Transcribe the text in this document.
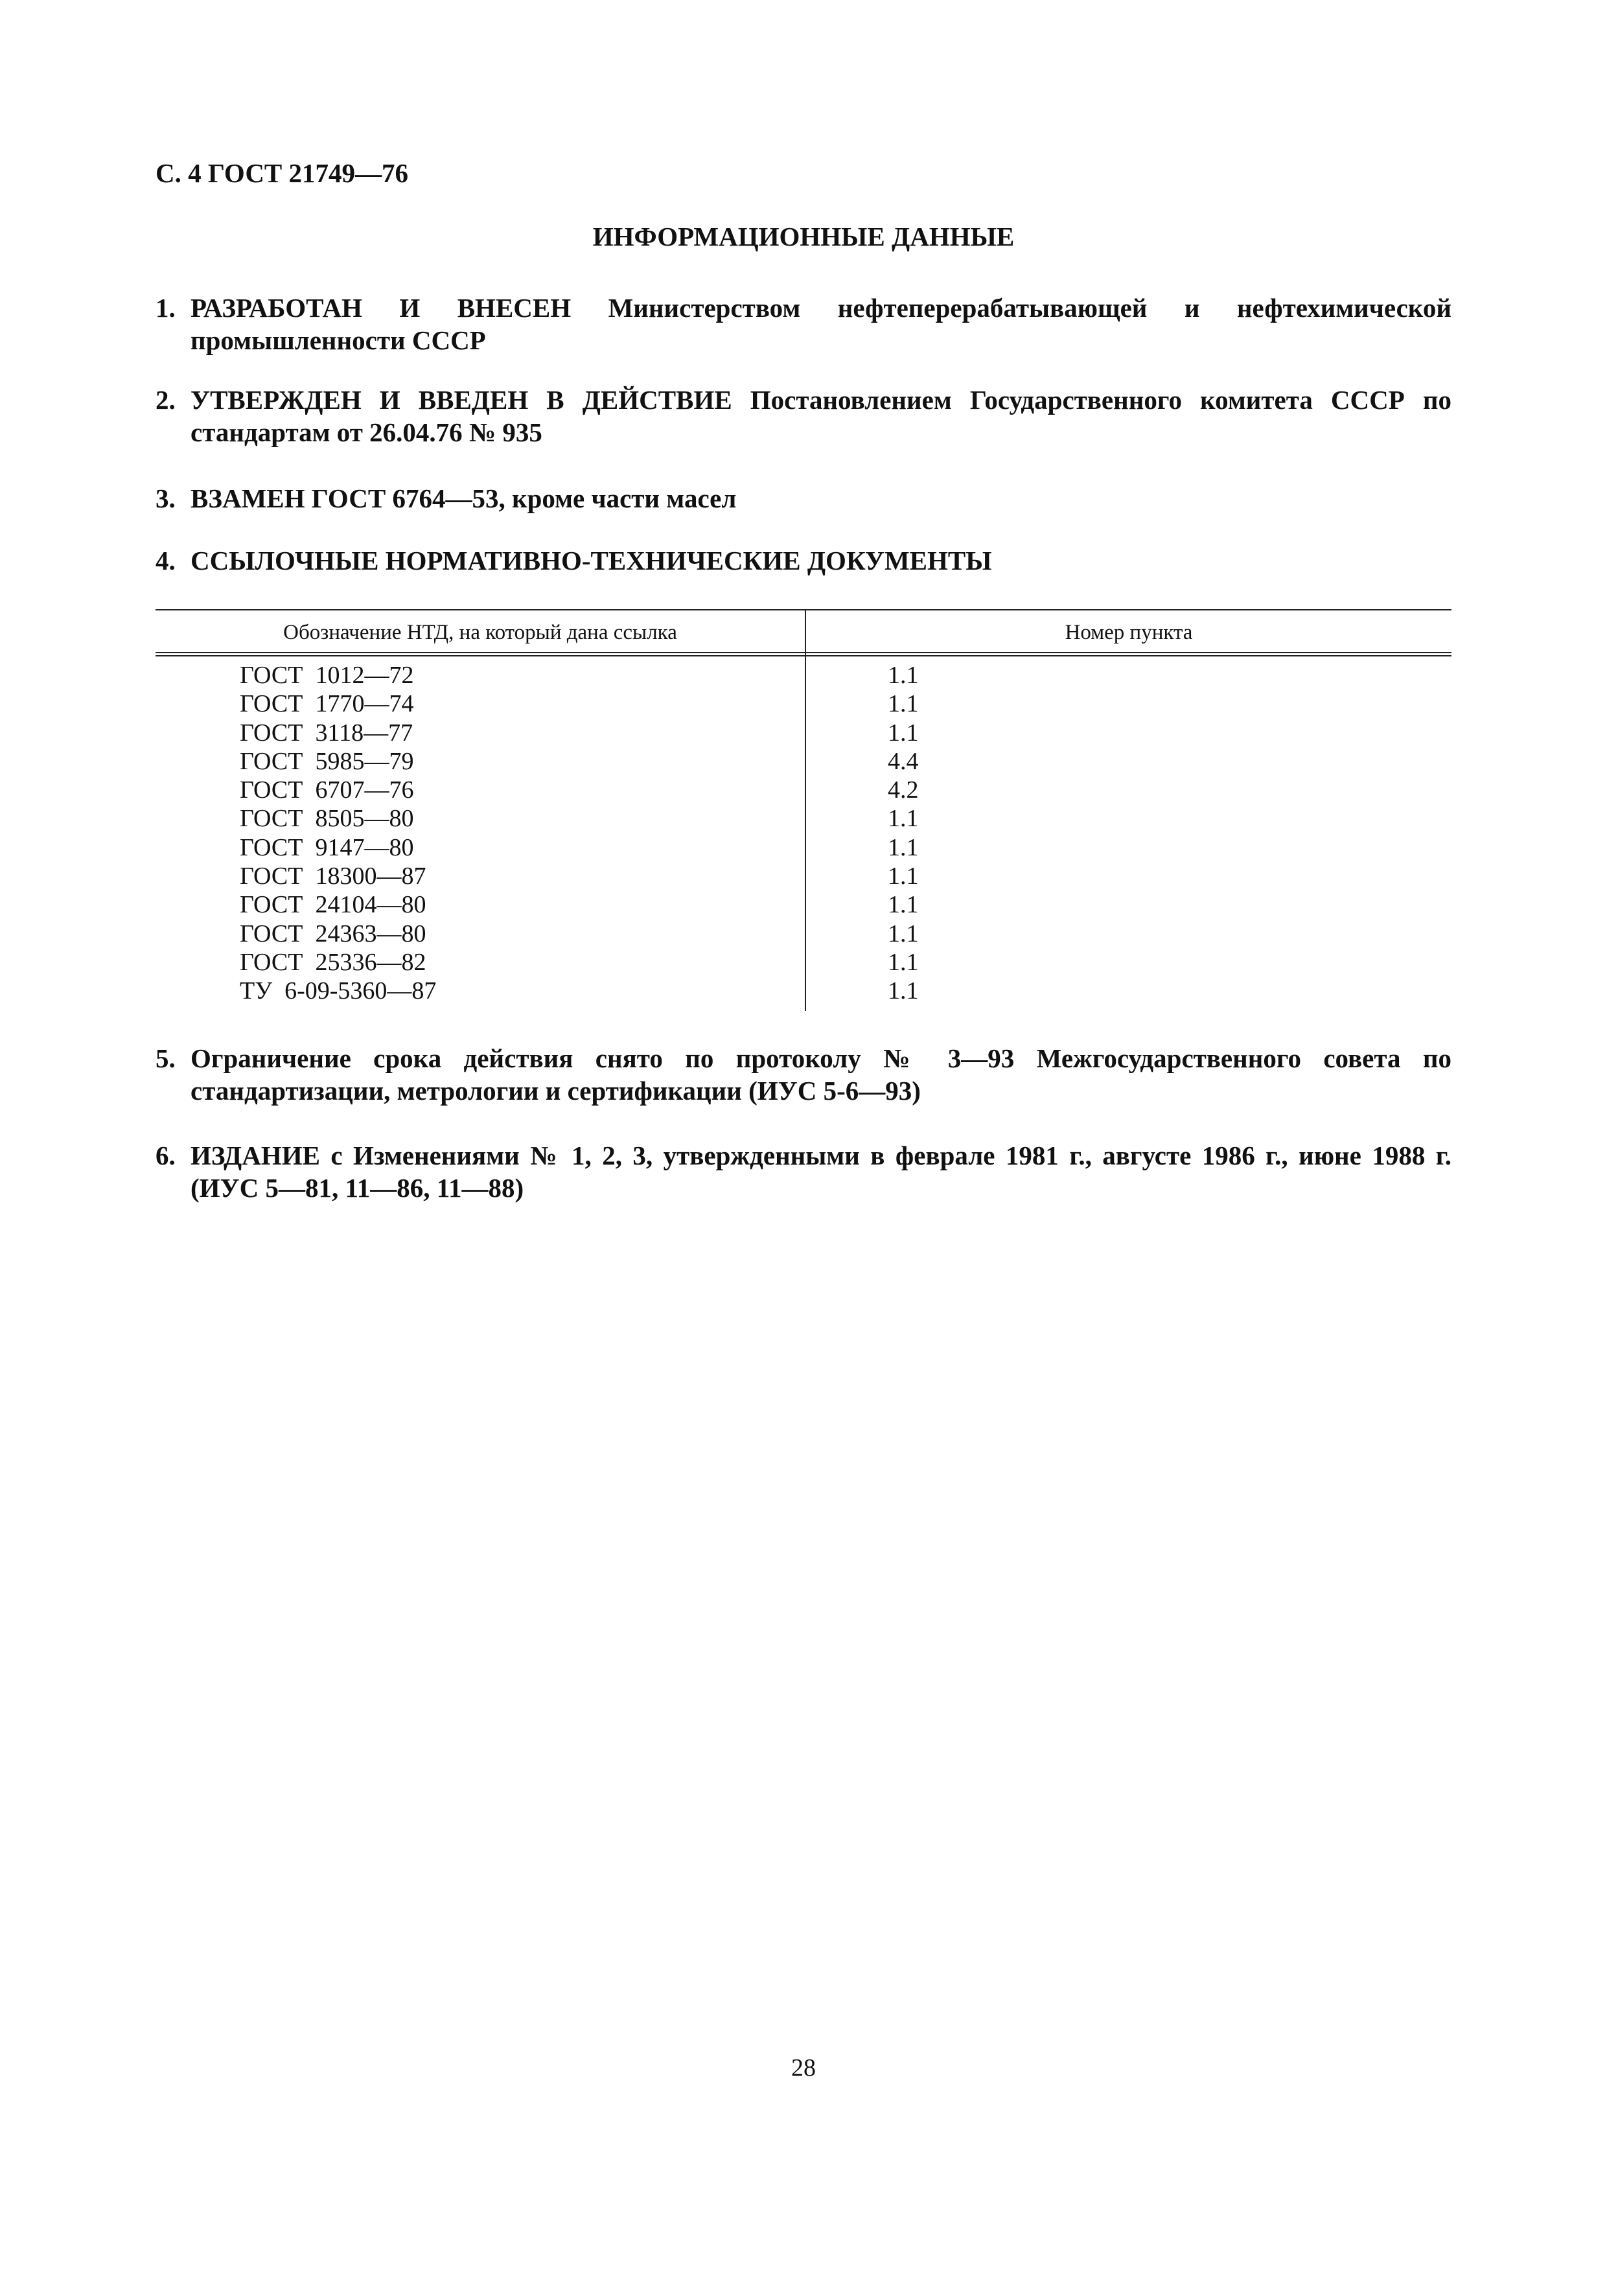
С. 4 ГОСТ 21749—76
ИНФОРМАЦИОННЫЕ ДАННЫЕ
1. РАЗРАБОТАН И ВНЕСЕН Министерством нефтеперерабатывающей и нефтехимической промышленности СССР
2. УТВЕРЖДЕН И ВВЕДЕН В ДЕЙСТВИЕ Постановлением Государственного комитета СССР по стандартам от 26.04.76 № 935
3. ВЗАМЕН ГОСТ 6764—53, кроме части масел
4. ССЫЛОЧНЫЕ НОРМАТИВНО-ТЕХНИЧЕСКИЕ ДОКУМЕНТЫ
Обозначение НТД, на который дана ссылка	Номер пункта
ГОСТ  1012—72	1.1
ГОСТ  1770—74	1.1
ГОСТ  3118—77	1.1
ГОСТ  5985—79	4.4
ГОСТ  6707—76	4.2
ГОСТ  8505—80	1.1
ГОСТ  9147—80	1.1
ГОСТ  18300—87	1.1
ГОСТ  24104—80	1.1
ГОСТ  24363—80	1.1
ГОСТ  25336—82	1.1
ТУ  6-09-5360—87	1.1
5. Ограничение срока действия снято по протоколу № 3—93 Межгосударственного совета по стандартизации, метрологии и сертификации (ИУС 5-6—93)
6. ИЗДАНИЕ с Изменениями № 1, 2, 3, утвержденными в феврале 1981 г., августе 1986 г., июне 1988 г. (ИУС 5—81, 11—86, 11—88)
28
